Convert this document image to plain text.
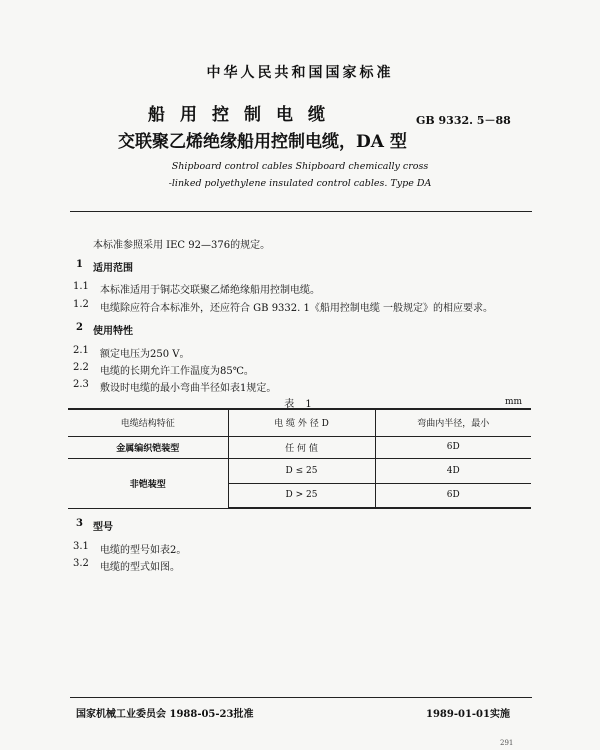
中华人民共和国国家标准
船用控制电缆
交联聚乙烯绝缘船用控制电缆，DA 型
GB 9332. 5－88
Shipboard control cables Shipboard chemically cross
-linked polyethylene insulated control cables. Type DA
本标准参照采用 IEC 92—376的规定。
1 适用范围
1.1 本标准适用于铜芯交联聚乙烯绝缘船用控制电缆。
1.2 电缆除应符合本标准外，还应符合 GB 9332. 1《船用控制电缆 一般规定》的相应要求。
2 使用特性
2.1 额定电压为250 V。
2.2 电缆的长期允许工作温度为85℃。
2.3 敷设时电缆的最小弯曲半径如表1规定。
表 1	mm
电缆结构特征	电 缆 外 径 D	弯曲内半径，最小
金属编织铠装型	任 何 值	6D
非铠装型	D ≤ 25	4D
	D > 25	6D
3 型号
3.1 电缆的型号如表2。
3.2 电缆的型式如图。
国家机械工业委员会 1988-05-23批准	1989-01-01实施
291
